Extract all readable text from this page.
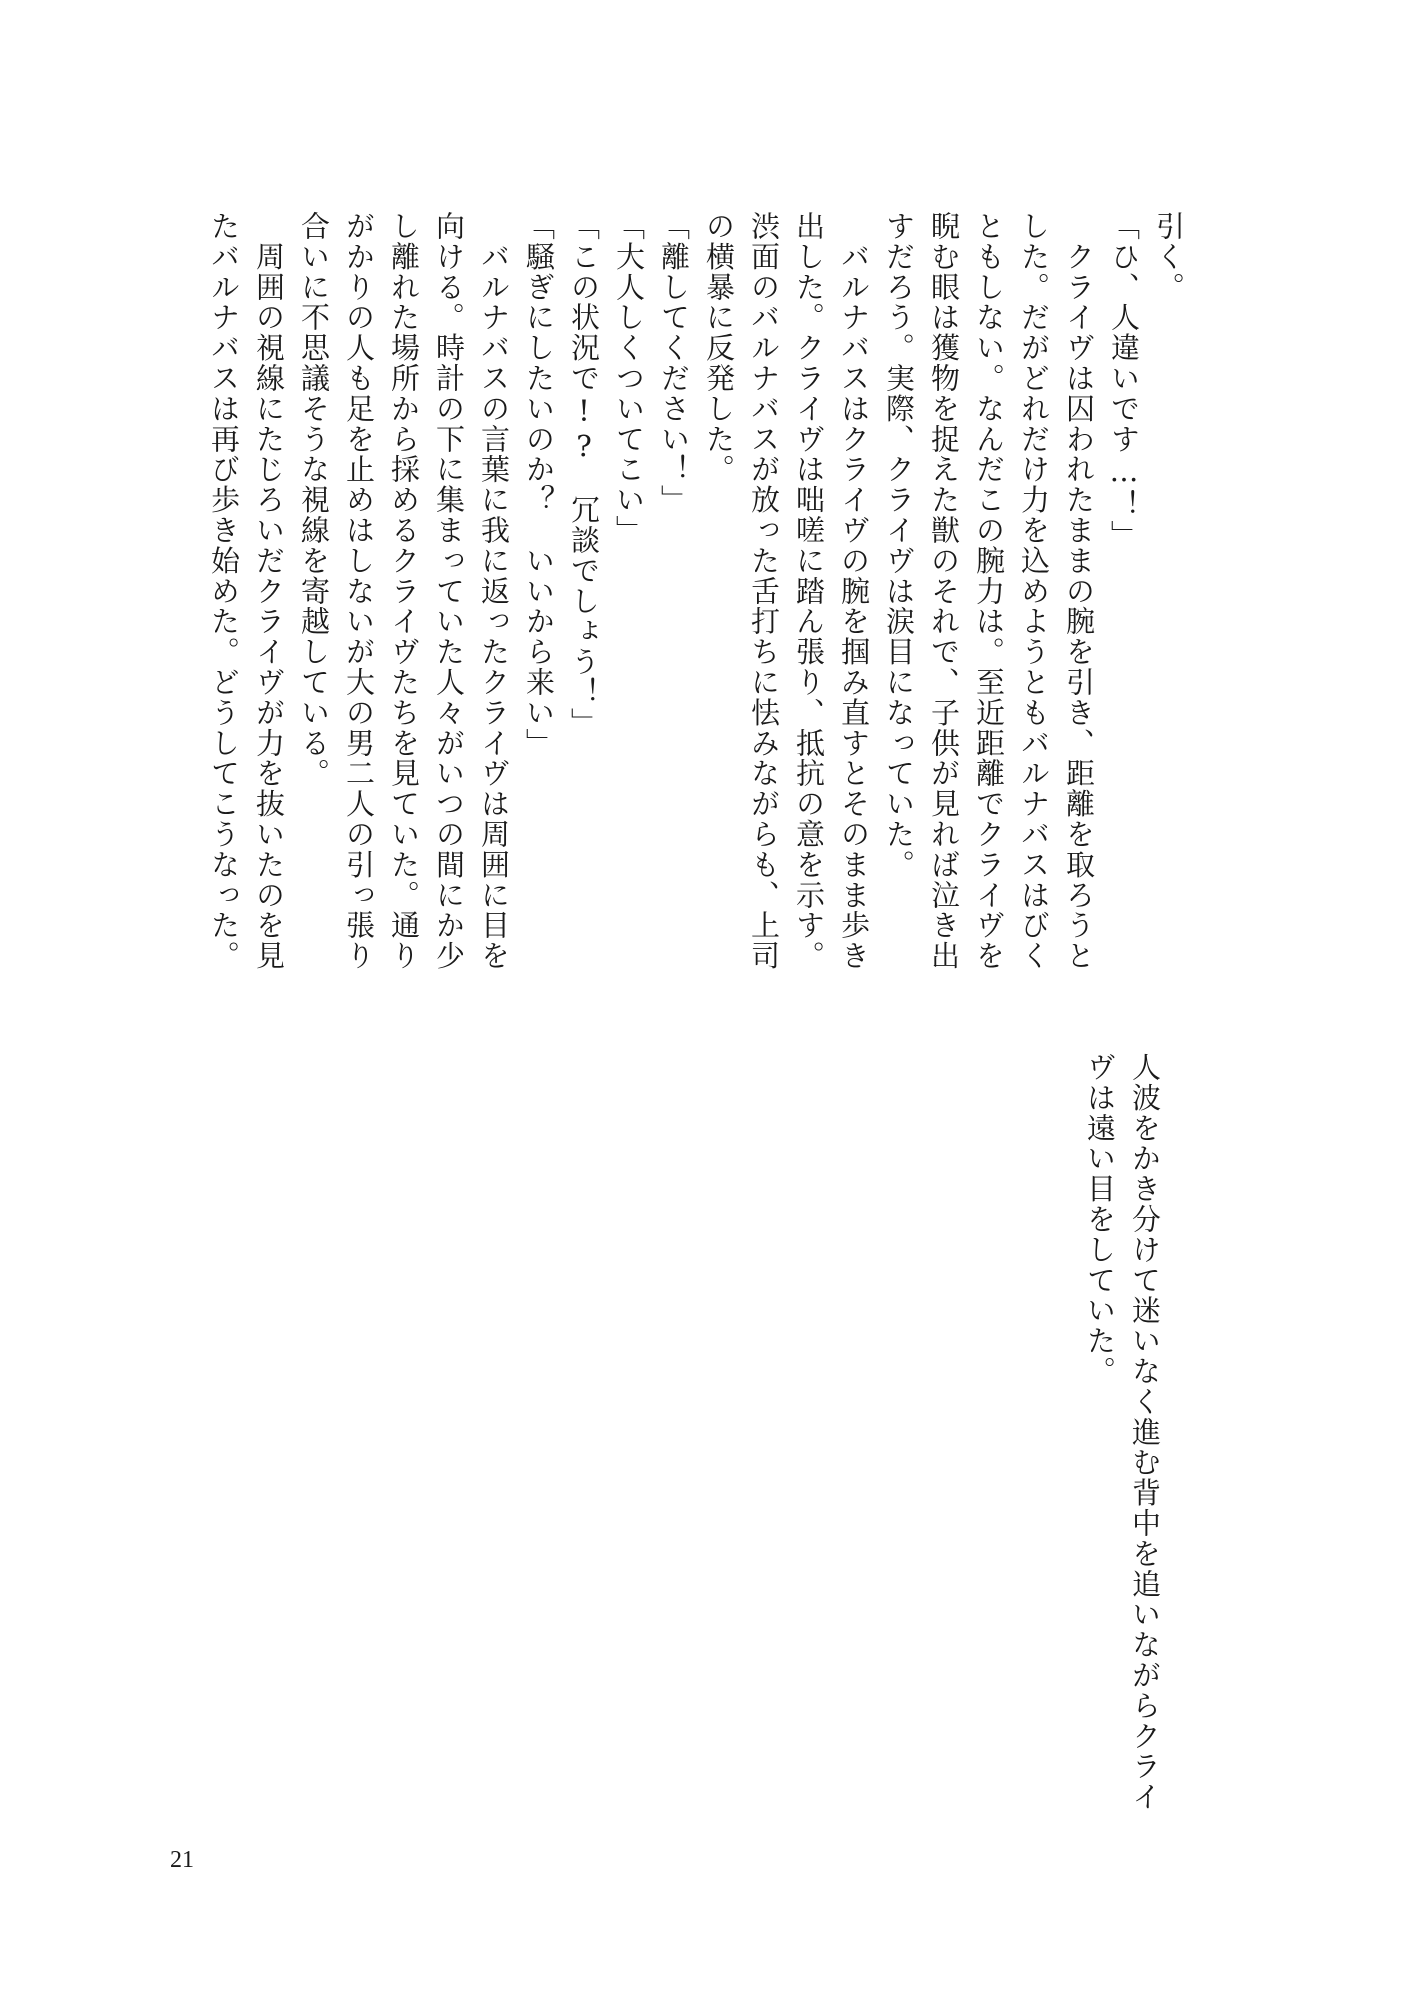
引く。
「ひ、人違いです…！」
　クライヴは囚われたままの腕を引き、距離を取ろうと
した。だがどれだけ力を込めようともバルナバスはびく
ともしない。なんだこの腕力は。至近距離でクライヴを
睨む眼は獲物を捉えた獣のそれで、子供が見れば泣き出
すだろう。実際、クライヴは涙目になっていた。
　バルナバスはクライヴの腕を掴み直すとそのまま歩き
出した。クライヴは咄嗟に踏ん張り、抵抗の意を示す。
渋面のバルナバスが放った舌打ちに怯みながらも、上司
の横暴に反発した。
「離してください！」
「大人しくついてこい」
「この状況で!?　冗談でしょう！」
「騒ぎにしたいのか？　いいから来い」
　バルナバスの言葉に我に返ったクライヴは周囲に目を
向ける。時計の下に集まっていた人々がいつの間にか少
し離れた場所から採めるクライヴたちを見ていた。通り
がかりの人も足を止めはしないが大の男二人の引っ張り
合いに不思議そうな視線を寄越している。
　周囲の視線にたじろいだクライヴが力を抜いたのを見
たバルナバスは再び歩き始めた。どうしてこうなった。
人波をかき分けて迷いなく進む背中を追いながらクライ
ヴは遠い目をしていた。
21
